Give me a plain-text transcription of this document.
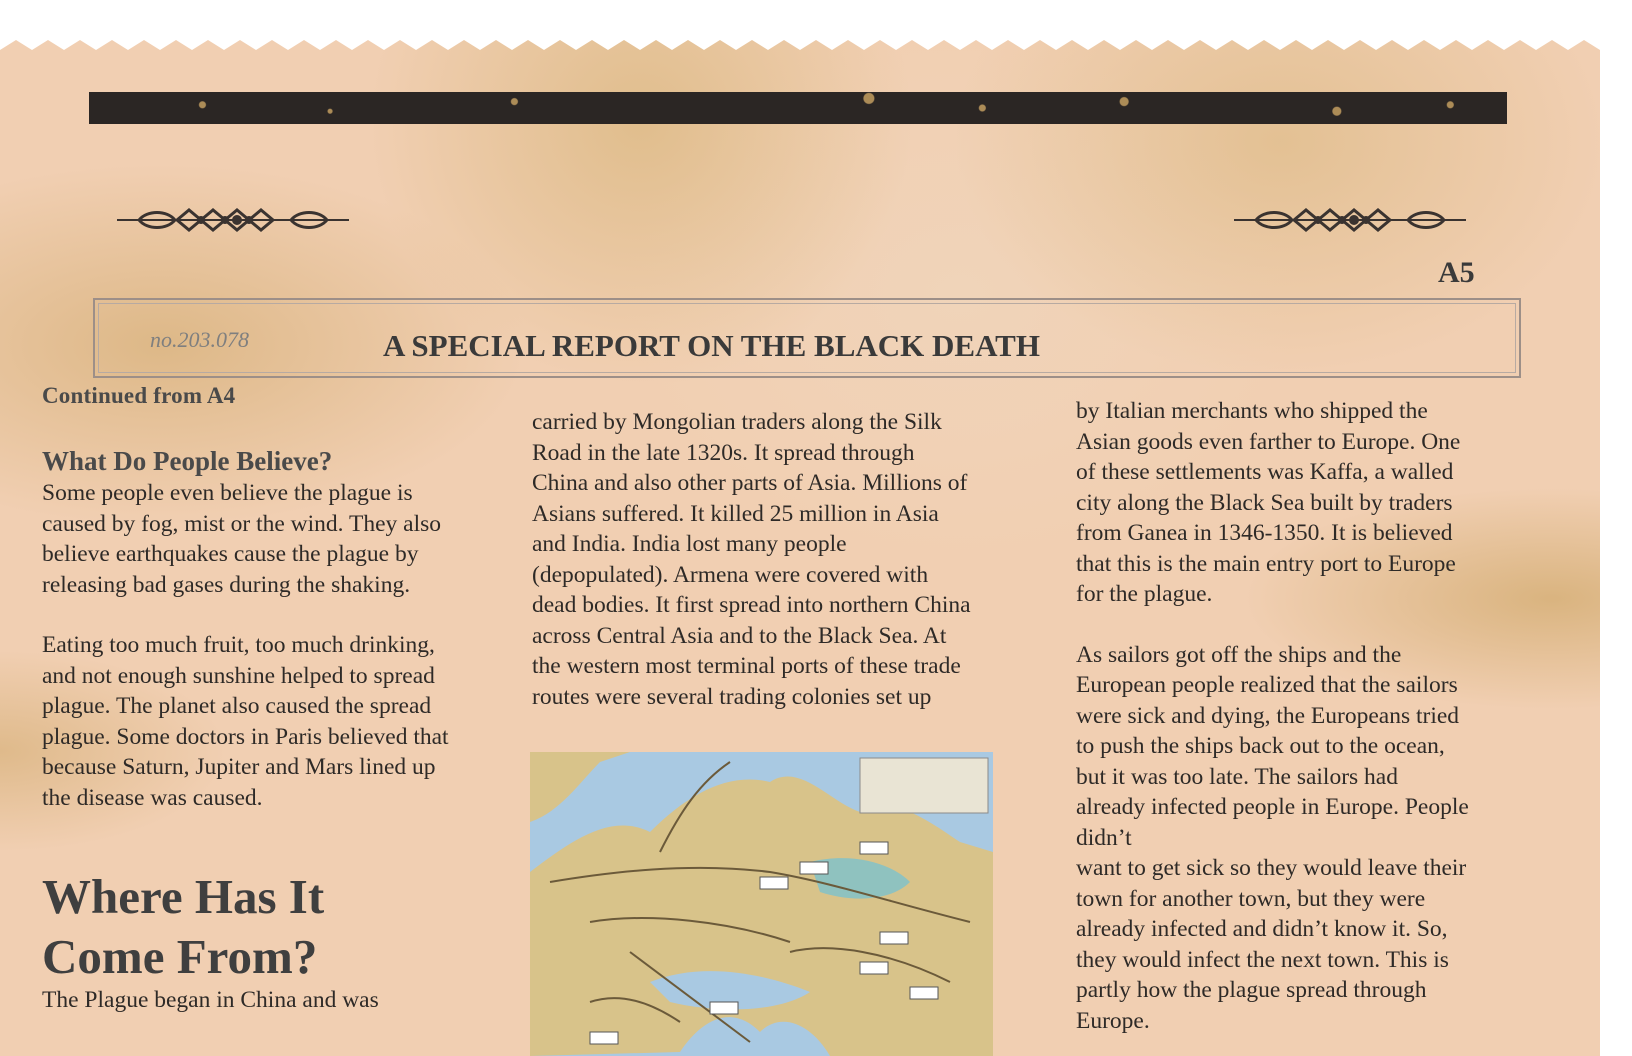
A5
no.203.078	A SPECIAL REPORT ON THE BLACK DEATH
Continued from A4
What Do People Believe?

Some people even believe the plague is

caused by fog, mist or the wind. They also

believe earthquakes cause the plague by

releasing bad gases during the shaking.

Eating too much fruit, too much drinking,

and not enough sunshine helped to spread

plague. The planet also caused the spread

plague. Some doctors in Paris believed that

because Saturn, Jupiter and Mars lined up

the disease was caused.

Where Has It
Come From?

The Plague began in China and was

carried by Mongolian traders along the Silk

Road in the late 1320s. It spread through

China and also other parts of Asia. Millions of

Asians suffered. It killed 25 million in Asia

and India. India lost many people

(depopulated). Armena were covered with

dead bodies. It first spread into northern China

across Central Asia and to the Black Sea. At

the western most terminal ports of these trade

routes were several trading colonies set up

by Italian merchants who shipped the

Asian goods even farther to Europe. One

of these settlements was Kaffa, a walled

city along the Black Sea built by traders

from Ganea in 1346-1350. It is believed

that this is the main entry port to Europe

for the plague.

As sailors got off the ships and the

European people realized that the sailors

were sick and dying, the Europeans tried

to push the ships back out to the ocean,

but it was too late. The sailors had

already infected people in Europe. People

didn’t

want to get sick so they would leave their

town for another town, but they were

already infected and didn’t know it. So,

they would infect the next town. This is

partly how the plague spread through

Europe.
